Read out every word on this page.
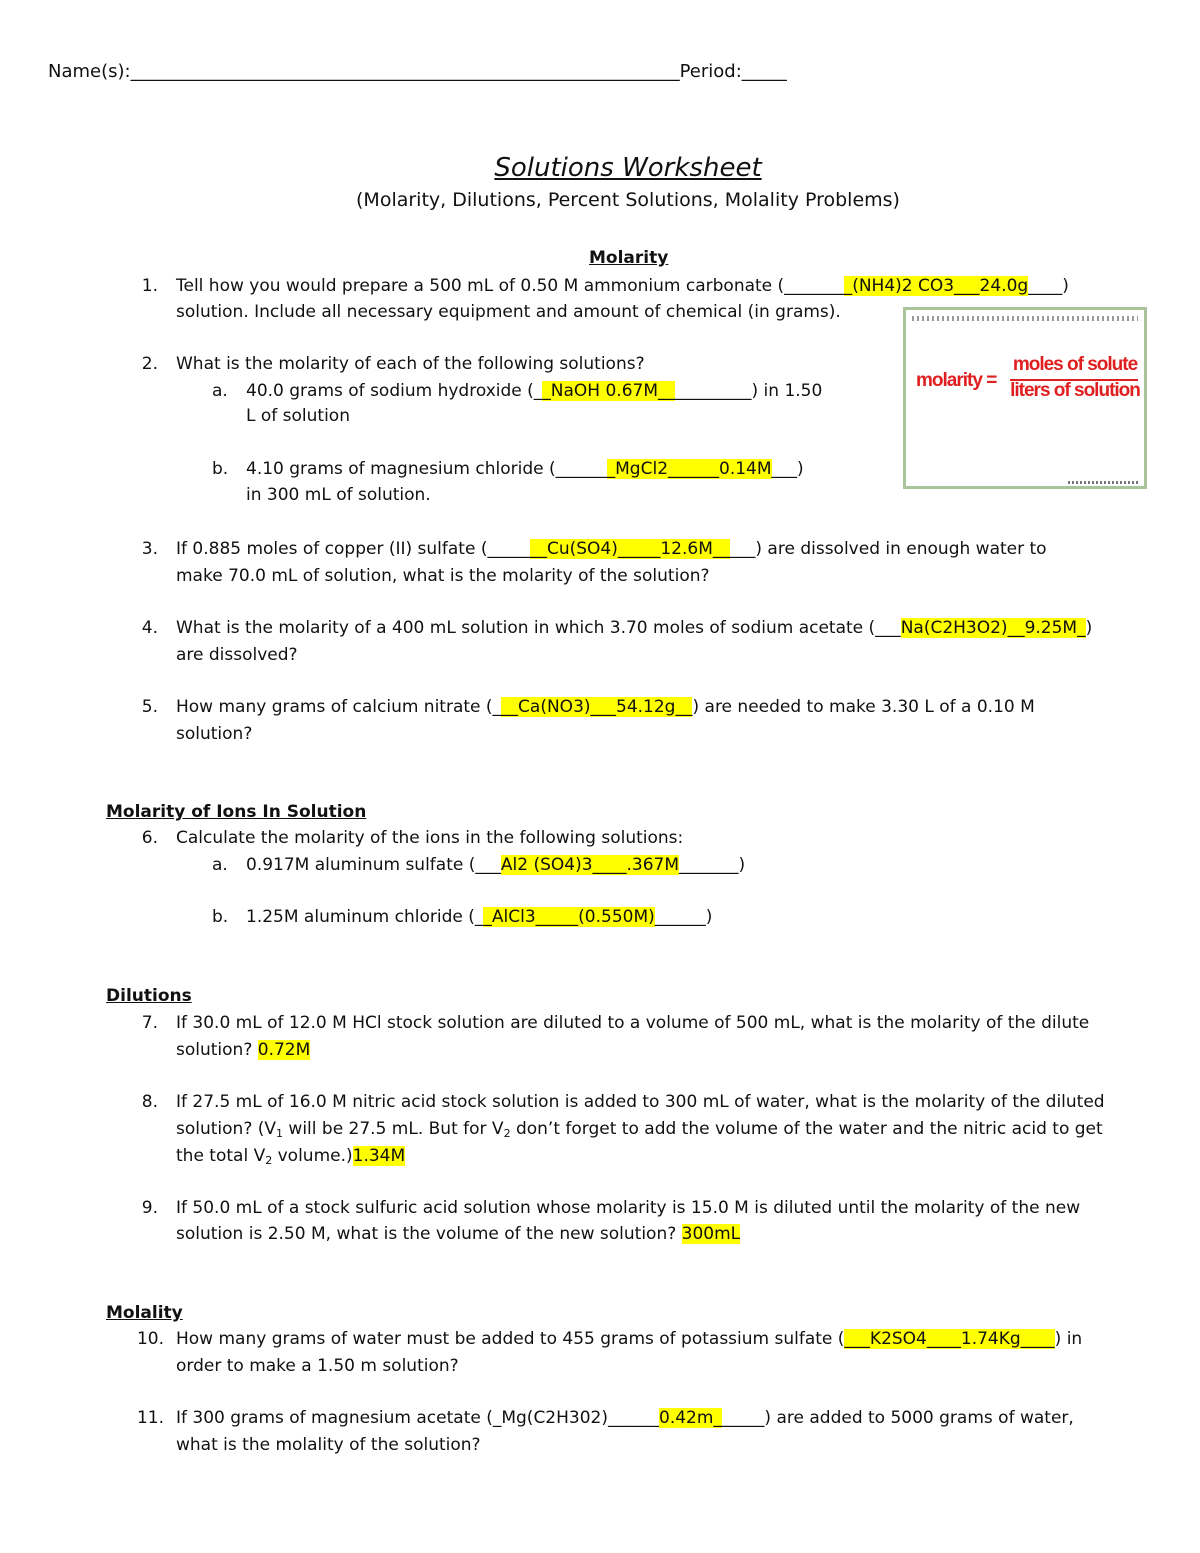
Name(s):_____________________________________________________________Period:_____
Solutions Worksheet
(Molarity, Dilutions, Percent Solutions, Molality Problems)
Molarity
1. Tell how you would prepare a 500 mL of 0.50 M ammonium carbonate (________(NH4)2 CO3___24.0g____)
solution. Include all necessary equipment and amount of chemical (in grams).
molarity =
moles of solute
liters of solution
2. What is the molarity of each of the following solutions?
a. 40.0 grams of sodium hydroxide (__NaOH 0.67M___________) in 1.50
L of solution
b. 4.10 grams of magnesium chloride (_______MgCl2______0.14M___)
in 300 mL of solution.
3. If 0.885 moles of copper (II) sulfate (_______Cu(SO4)_____12.6M_____) are dissolved in enough water to
make 70.0 mL of solution, what is the molarity of the solution?
4. What is the molarity of a 400 mL solution in which 3.70 moles of sodium acetate (___Na(C2H3O2)__9.25M_)
are dissolved?
5. How many grams of calcium nitrate (___Ca(NO3)___54.12g__) are needed to make 3.30 L of a 0.10 M
solution?
Molarity of Ions In Solution
6. Calculate the molarity of the ions in the following solutions:
a. 0.917M aluminum sulfate (___Al2 (SO4)3____.367M_______)
b. 1.25M aluminum chloride (__AlCl3_____(0.550M)______)
Dilutions
7. If 30.0 mL of 12.0 M HCl stock solution are diluted to a volume of 500 mL, what is the molarity of the dilute
solution? 0.72M
8. If 27.5 mL of 16.0 M nitric acid stock solution is added to 300 mL of water, what is the molarity of the diluted
solution? ($V_1$ will be 27.5 mL. But for $V_2$ don’t forget to add the volume of the water and the nitric acid to get
the total $V_2$ volume.)1.34M
9. If 50.0 mL of a stock sulfuric acid solution whose molarity is 15.0 M is diluted until the molarity of the new
solution is 2.50 M, what is the volume of the new solution? 300mL
Molality
10. How many grams of water must be added to 455 grams of potassium sulfate (___K2SO4____1.74Kg____) in
order to make a 1.50 m solution?
11. If 300 grams of magnesium acetate (_Mg(C2H302)______0.42m______) are added to 5000 grams of water,
what is the molality of the solution?
